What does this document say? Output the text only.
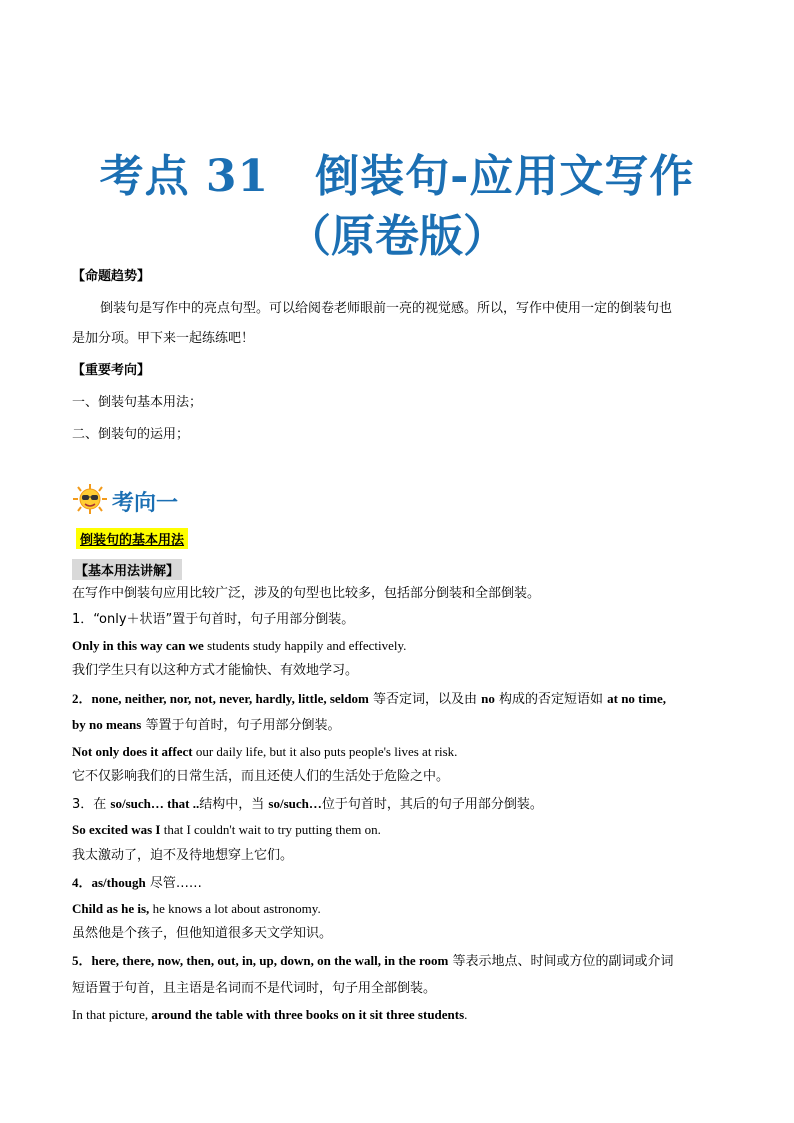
考点 31 倒装句-应用文写作
（原卷版）
【命题趋势】
倒装句是写作中的亮点句型。可以给阅卷老师眼前一亮的视觉感。所以，写作中使用一定的倒装句也
是加分项。甲下来一起练练吧！
【重要考向】
一、倒装句基本用法；
二、倒装句的运用；
考向一
倒装句的基本用法
【基本用法讲解】
在写作中倒装句应用比较广泛，涉及的句型也比较多，包括部分倒装和全部倒装。
1．“only＋状语”置于句首时，句子用部分倒装。
Only in this way can we students study happily and effectively.
我们学生只有以这种方式才能愉快、有效地学习。
2．none, neither, nor, not, never, hardly, little, seldom 等否定词，以及由 no 构成的否定短语如 at no time,
by no means 等置于句首时，句子用部分倒装。
Not only does it affect our daily life, but it also puts people's lives at risk.
它不仅影响我们的日常生活，而且还使人们的生活处于危险之中。
3．在 so/such… that ..结构中，当 so/such…位于句首时，其后的句子用部分倒装。
So excited was I that I couldn't wait to try putting them on.
我太激动了，迫不及待地想穿上它们。
4．as/though 尽管……
Child as he is, he knows a lot about astronomy.
虽然他是个孩子，但他知道很多天文学知识。
5．here, there, now, then, out, in, up, down, on the wall, in the room 等表示地点、时间或方位的副词或介词
短语置于句首，且主语是名词而不是代词时，句子用全部倒装。
In that picture, around the table with three books on it sit three students.
